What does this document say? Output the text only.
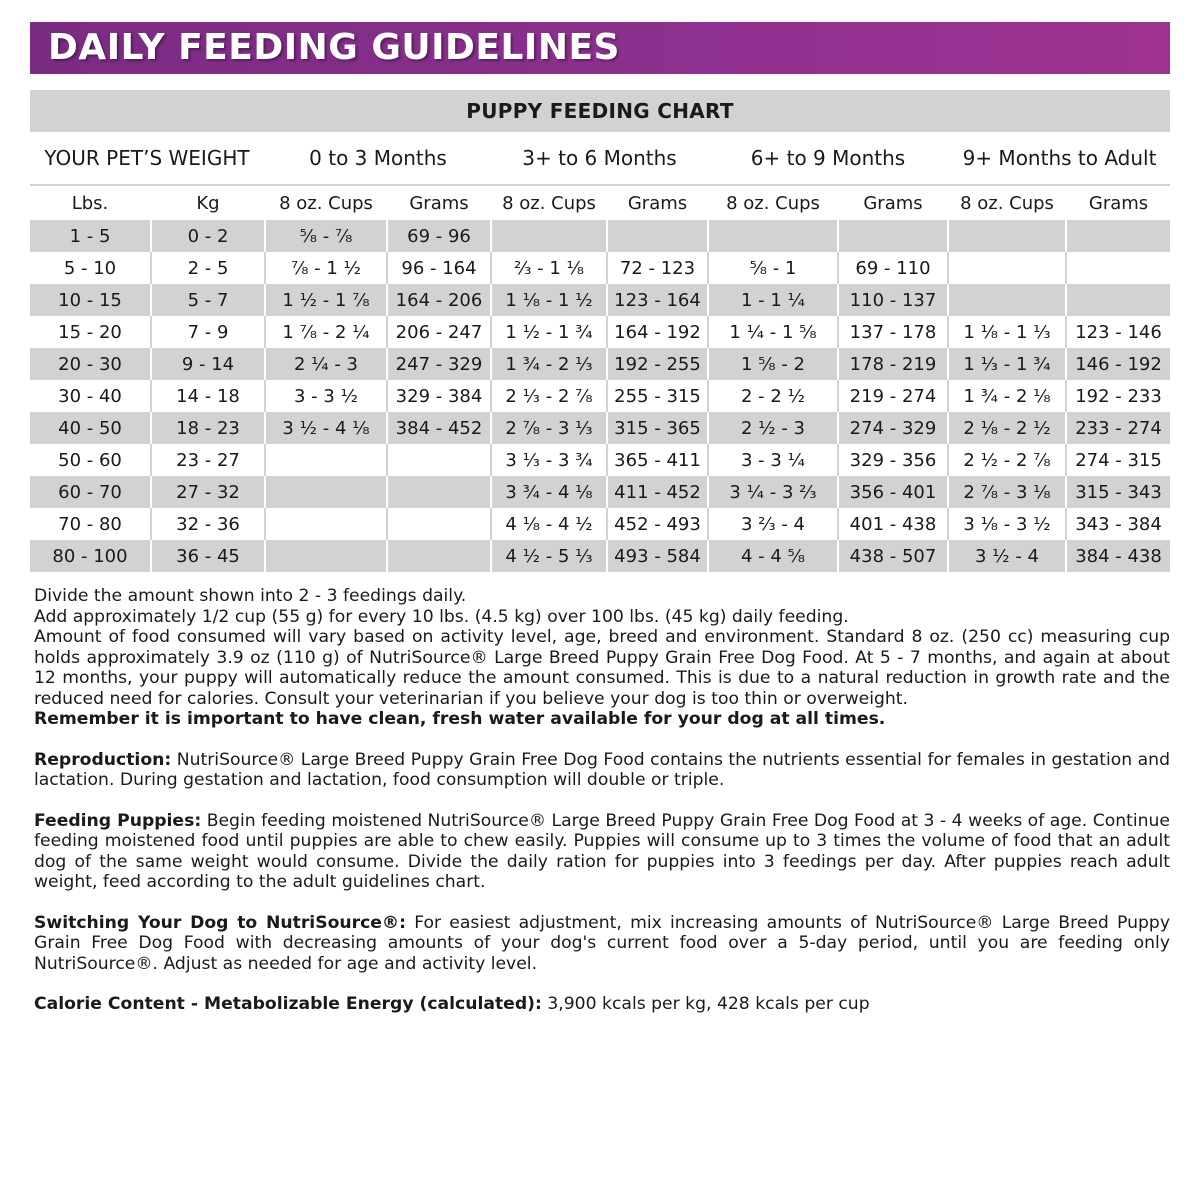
DAILY FEEDING GUIDELINES
PUPPY FEEDING CHART									
YOUR PET’S WEIGHT		0 to 3 Months		3+ to 6 Months		6+ to 9 Months		9+ Months to Adult	
Lbs.	Kg	8 oz. Cups	Grams	8 oz. Cups	Grams	8 oz. Cups	Grams	8 oz. Cups	Grams
1 - 5	0 - 2	⁵⁄₈ - ⁷⁄₈	69 - 96						
5 - 10	2 - 5	⁷⁄₈ - 1 ¹⁄₂	96 - 164	²⁄₃ - 1 ¹⁄₈	72 - 123	⁵⁄₈ - 1	69 - 110		
10 - 15	5 - 7	1 ¹⁄₂ - 1 ⁷⁄₈	164 - 206	1 ¹⁄₈ - 1 ¹⁄₂	123 - 164	1 - 1 ¹⁄₄	110 - 137		
15 - 20	7 - 9	1 ⁷⁄₈ - 2 ¹⁄₄	206 - 247	1 ¹⁄₂ - 1 ³⁄₄	164 - 192	1 ¹⁄₄ - 1 ⁵⁄₈	137 - 178	1 ¹⁄₈ - 1 ¹⁄₃	123 - 146
20 - 30	9 - 14	2 ¹⁄₄ - 3	247 - 329	1 ³⁄₄ - 2 ¹⁄₃	192 - 255	1 ⁵⁄₈ - 2	178 - 219	1 ¹⁄₃ - 1 ³⁄₄	146 - 192
30 - 40	14 - 18	3 - 3 ¹⁄₂	329 - 384	2 ¹⁄₃ - 2 ⁷⁄₈	255 - 315	2 - 2 ¹⁄₂	219 - 274	1 ³⁄₄ - 2 ¹⁄₈	192 - 233
40 - 50	18 - 23	3 ¹⁄₂ - 4 ¹⁄₈	384 - 452	2 ⁷⁄₈ - 3 ¹⁄₃	315 - 365	2 ¹⁄₂ - 3	274 - 329	2 ¹⁄₈ - 2 ¹⁄₂	233 - 274
50 - 60	23 - 27			3 ¹⁄₃ - 3 ³⁄₄	365 - 411	3 - 3 ¹⁄₄	329 - 356	2 ¹⁄₂ - 2 ⁷⁄₈	274 - 315
60 - 70	27 - 32			3 ³⁄₄ - 4 ¹⁄₈	411 - 452	3 ¹⁄₄ - 3 ²⁄₃	356 - 401	2 ⁷⁄₈ - 3 ¹⁄₈	315 - 343
70 - 80	32 - 36			4 ¹⁄₈ - 4 ¹⁄₂	452 - 493	3 ²⁄₃ - 4	401 - 438	3 ¹⁄₈ - 3 ¹⁄₂	343 - 384
80 - 100	36 - 45			4 ¹⁄₂ - 5 ¹⁄₃	493 - 584	4 - 4 ⁵⁄₈	438 - 507	3 ¹⁄₂ - 4	384 - 438

Divide the amount shown into 2 - 3 feedings daily.

Add approximately 1/2 cup (55 g) for every 10 lbs. (4.5 kg) over 100 lbs. (45 kg) daily feeding.

Amount of food consumed will vary based on activity level, age, breed and environment. Standard 8 oz. (250 cc) measuring cup holds approximately 3.9 oz (110 g) of NutriSource® Large Breed Puppy Grain Free Dog Food. At 5 - 7 months, and again at about 12 months, your puppy will automatically reduce the amount consumed. This is due to a natural reduction in growth rate and the reduced need for calories. Consult your veterinarian if you believe your dog is too thin or overweight.

Remember it is important to have clean, fresh water available for your dog at all times.

Reproduction: NutriSource® Large Breed Puppy Grain Free Dog Food contains the nutrients essential for females in gestation and lactation. During gestation and lactation, food consumption will double or triple.

Feeding Puppies: Begin feeding moistened NutriSource® Large Breed Puppy Grain Free Dog Food at 3 - 4 weeks of age. Continue feeding moistened food until puppies are able to chew easily. Puppies will consume up to 3 times the volume of food that an adult dog of the same weight would consume. Divide the daily ration for puppies into 3 feedings per day. After puppies reach adult weight, feed according to the adult guidelines chart.

Switching Your Dog to NutriSource®: For easiest adjustment, mix increasing amounts of NutriSource® Large Breed Puppy Grain Free Dog Food with decreasing amounts of your dog's current food over a 5-day period, until you are feeding only NutriSource®. Adjust as needed for age and activity level.

Calorie Content - Metabolizable Energy (calculated): 3,900 kcals per kg, 428 kcals per cup
